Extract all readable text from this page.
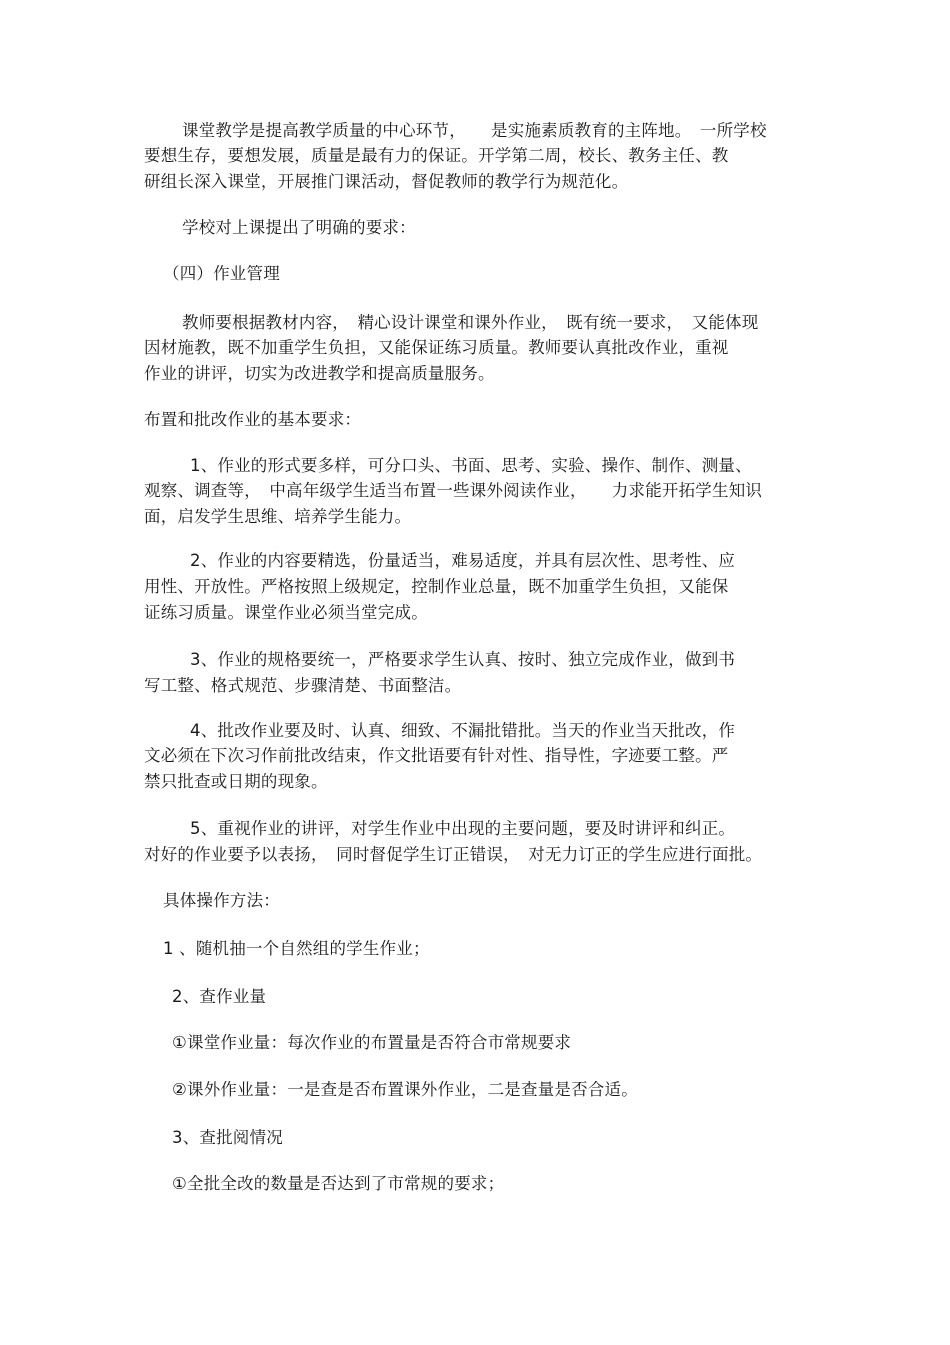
课堂教学是提高教学质量的中心环节，　　是实施素质教育的主阵地。　一所学校
要想生存，要想发展，质量是最有力的保证。开学第二周，校长、教务主任、教
研组长深入课堂，开展推门课活动，督促教师的教学行为规范化。
学校对上课提出了明确的要求：
（四）作业管理
教师要根据教材内容，　精心设计课堂和课外作业，　既有统一要求，　又能体现
因材施教，既不加重学生负担，又能保证练习质量。教师要认真批改作业，重视
作业的讲评，切实为改进教学和提高质量服务。
布置和批改作业的基本要求：
1、作业的形式要多样，可分口头、书面、思考、实验、操作、制作、测量、
观察、调查等，　中高年级学生适当布置一些课外阅读作业，　　力求能开拓学生知识
面，启发学生思维、培养学生能力。
2、作业的内容要精选，份量适当，难易适度，并具有层次性、思考性、应
用性、开放性。严格按照上级规定，控制作业总量，既不加重学生负担，又能保
证练习质量。课堂作业必须当堂完成。
3、作业的规格要统一，严格要求学生认真、按时、独立完成作业，做到书
写工整、格式规范、步骤清楚、书面整洁。
4、批改作业要及时、认真、细致、不漏批错批。当天的作业当天批改，作
文必须在下次习作前批改结束，作文批语要有针对性、指导性，字迹要工整。严
禁只批查或日期的现象。
5、重视作业的讲评，对学生作业中出现的主要问题，要及时讲评和纠正。
对好的作业要予以表扬，　同时督促学生订正错误，　对无力订正的学生应进行面批。
具体操作方法：
1 、随机抽一个自然组的学生作业；
2、查作业量
①课堂作业量：每次作业的布置量是否符合市常规要求
②课外作业量：一是查是否布置课外作业，二是查量是否合适。
3、查批阅情况
①全批全改的数量是否达到了市常规的要求；
